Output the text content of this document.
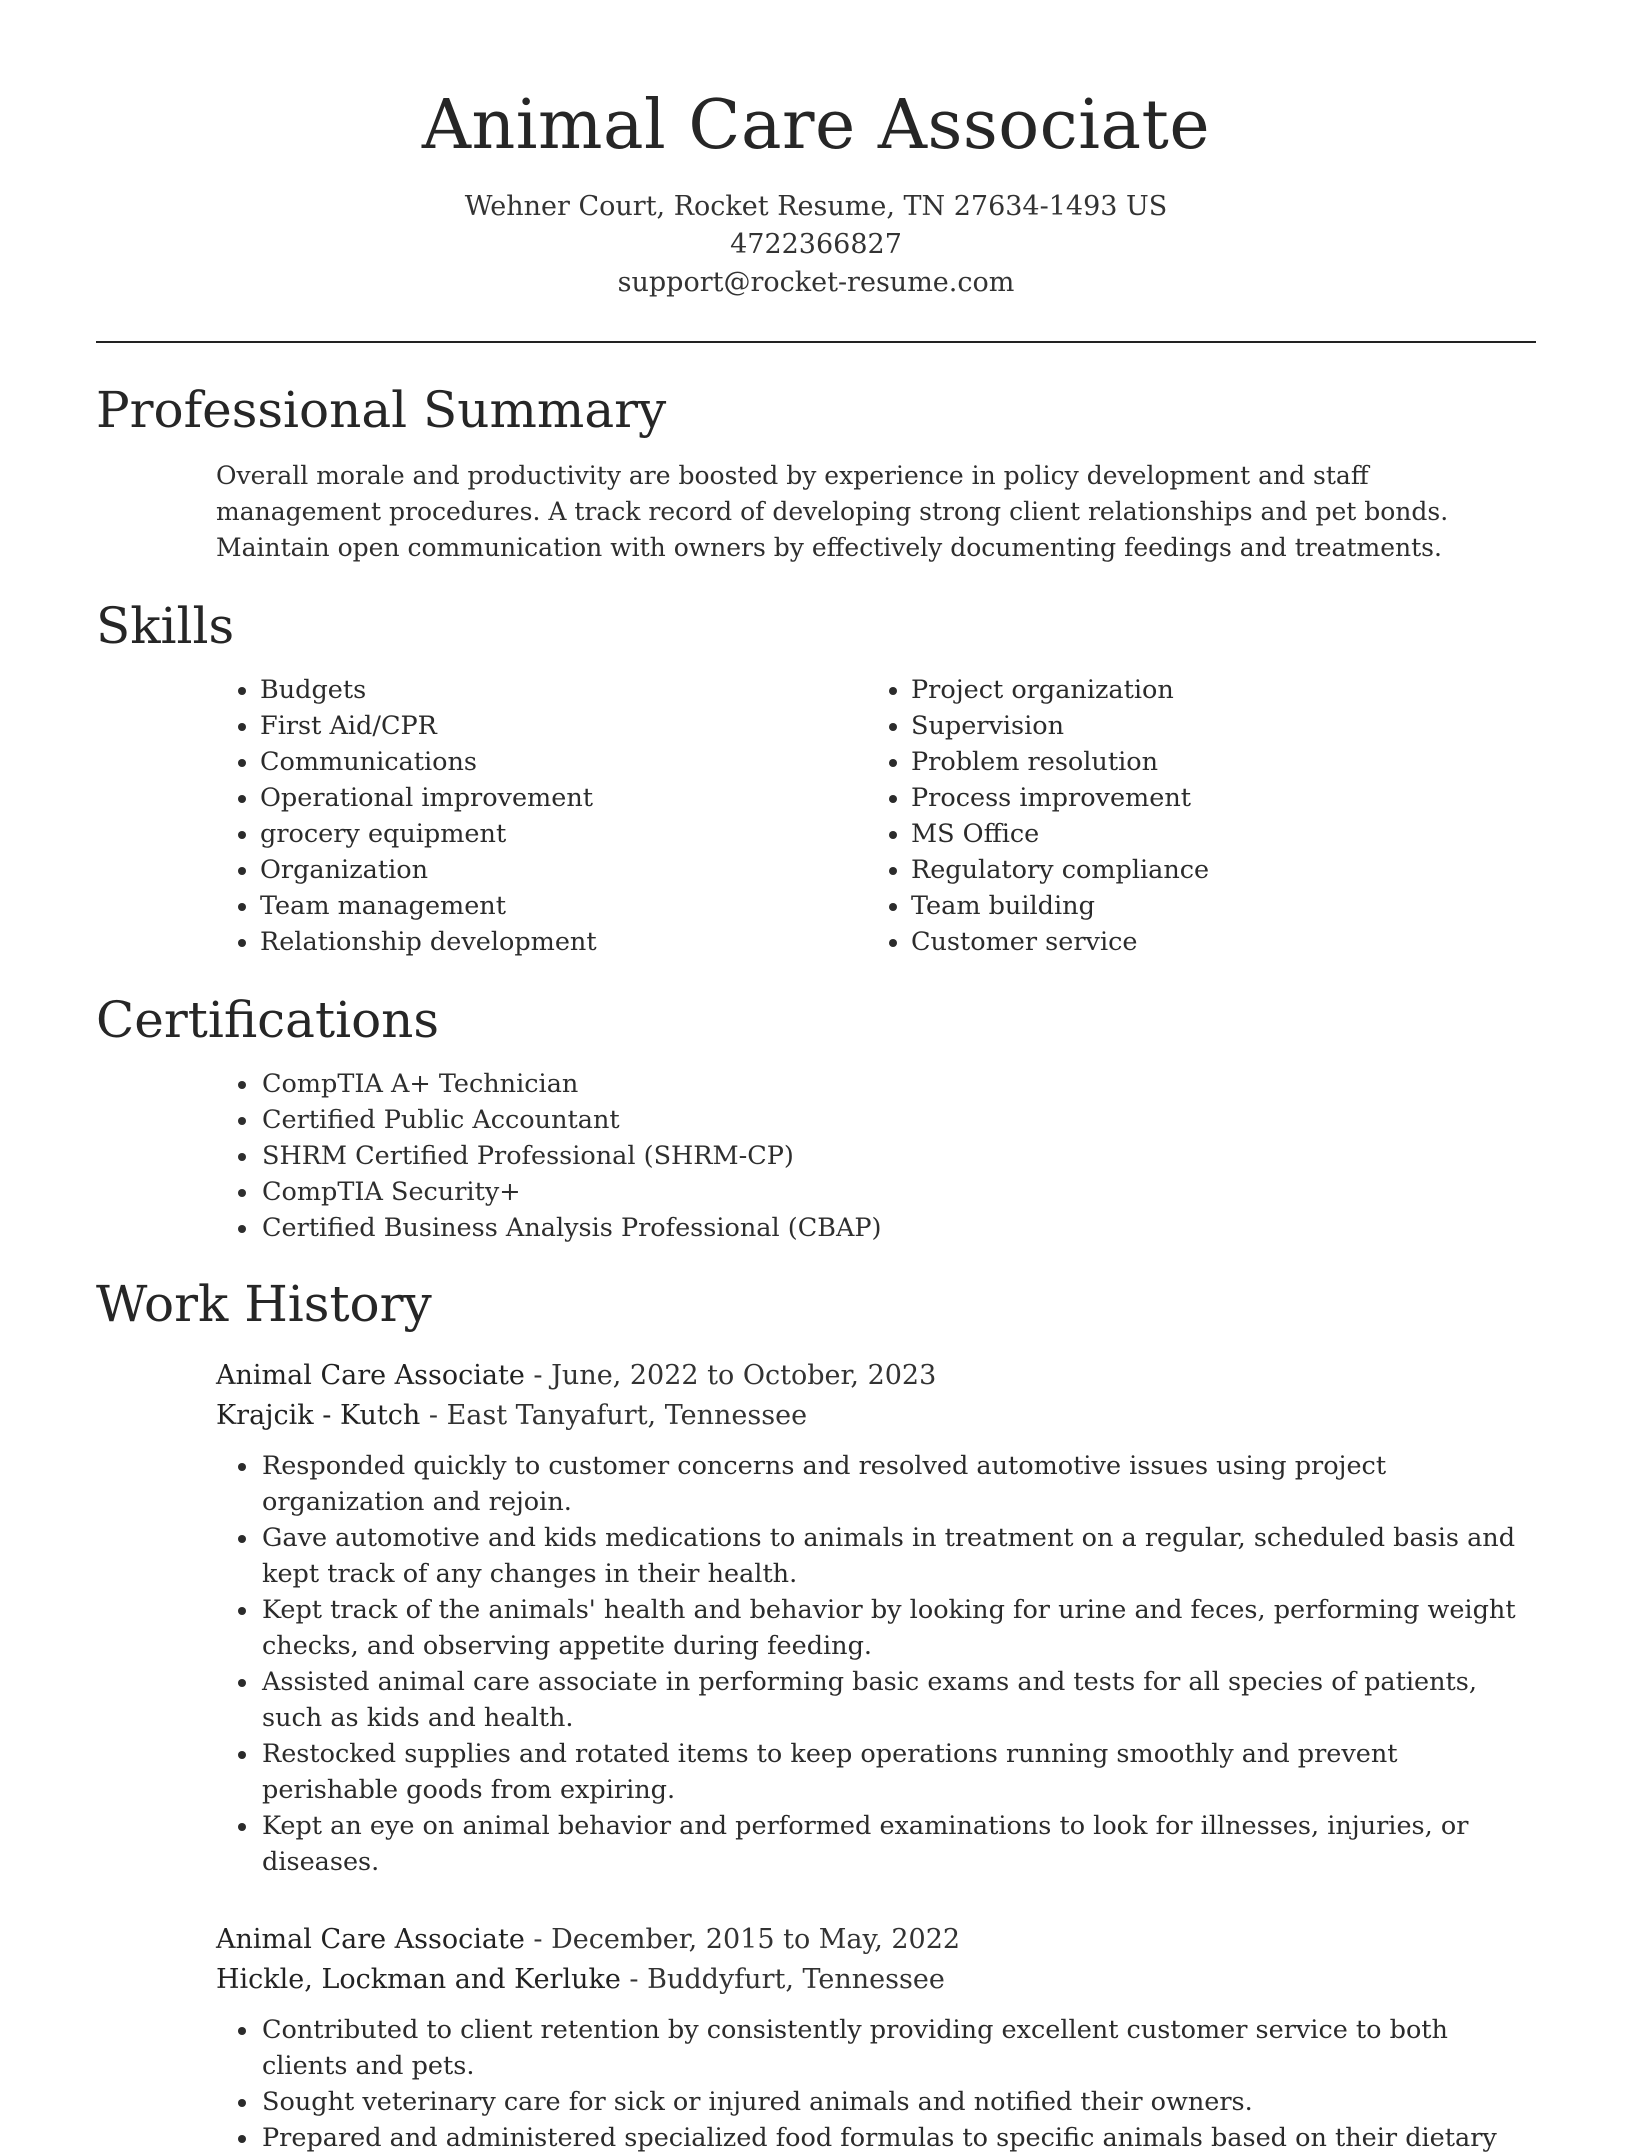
Animal Care Associate
Wehner Court, Rocket Resume, TN 27634-1493 US
4722366827
support@rocket-resume.com
Professional Summary

Overall morale and productivity are boosted by experience in policy development and staff management procedures. A track record of developing strong client relationships and pet bonds. Maintain open communication with owners by effectively documenting feedings and treatments.

Skills
• Budgets
• First Aid/CPR
• Communications
• Operational improvement
• grocery equipment
• Organization
• Team management
• Relationship development
• Project organization
• Supervision
• Problem resolution
• Process improvement
• MS Office
• Regulatory compliance
• Team building
• Customer service
Certifications
• CompTIA A+ Technician
• Certified Public Accountant
• SHRM Certified Professional (SHRM-CP)
• CompTIA Security+
• Certified Business Analysis Professional (CBAP)
Work History
Animal Care Associate - June, 2022 to October, 2023
Krajcik - Kutch - East Tanyafurt, Tennessee
• Responded quickly to customer concerns and resolved automotive issues using project organization and rejoin.
• Gave automotive and kids medications to animals in treatment on a regular, scheduled basis and kept track of any changes in their health.
• Kept track of the animals' health and behavior by looking for urine and feces, performing weight checks, and observing appetite during feeding.
• Assisted animal care associate in performing basic exams and tests for all species of patients, such as kids and health.
• Restocked supplies and rotated items to keep operations running smoothly and prevent perishable goods from expiring.
• Kept an eye on animal behavior and performed examinations to look for illnesses, injuries, or diseases.
Animal Care Associate - December, 2015 to May, 2022
Hickle, Lockman and Kerluke - Buddyfurt, Tennessee
• Contributed to client retention by consistently providing excellent customer service to both clients and pets.
• Sought veterinary care for sick or injured animals and notified their owners.
• Prepared and administered specialized food formulas to specific animals based on their dietary
